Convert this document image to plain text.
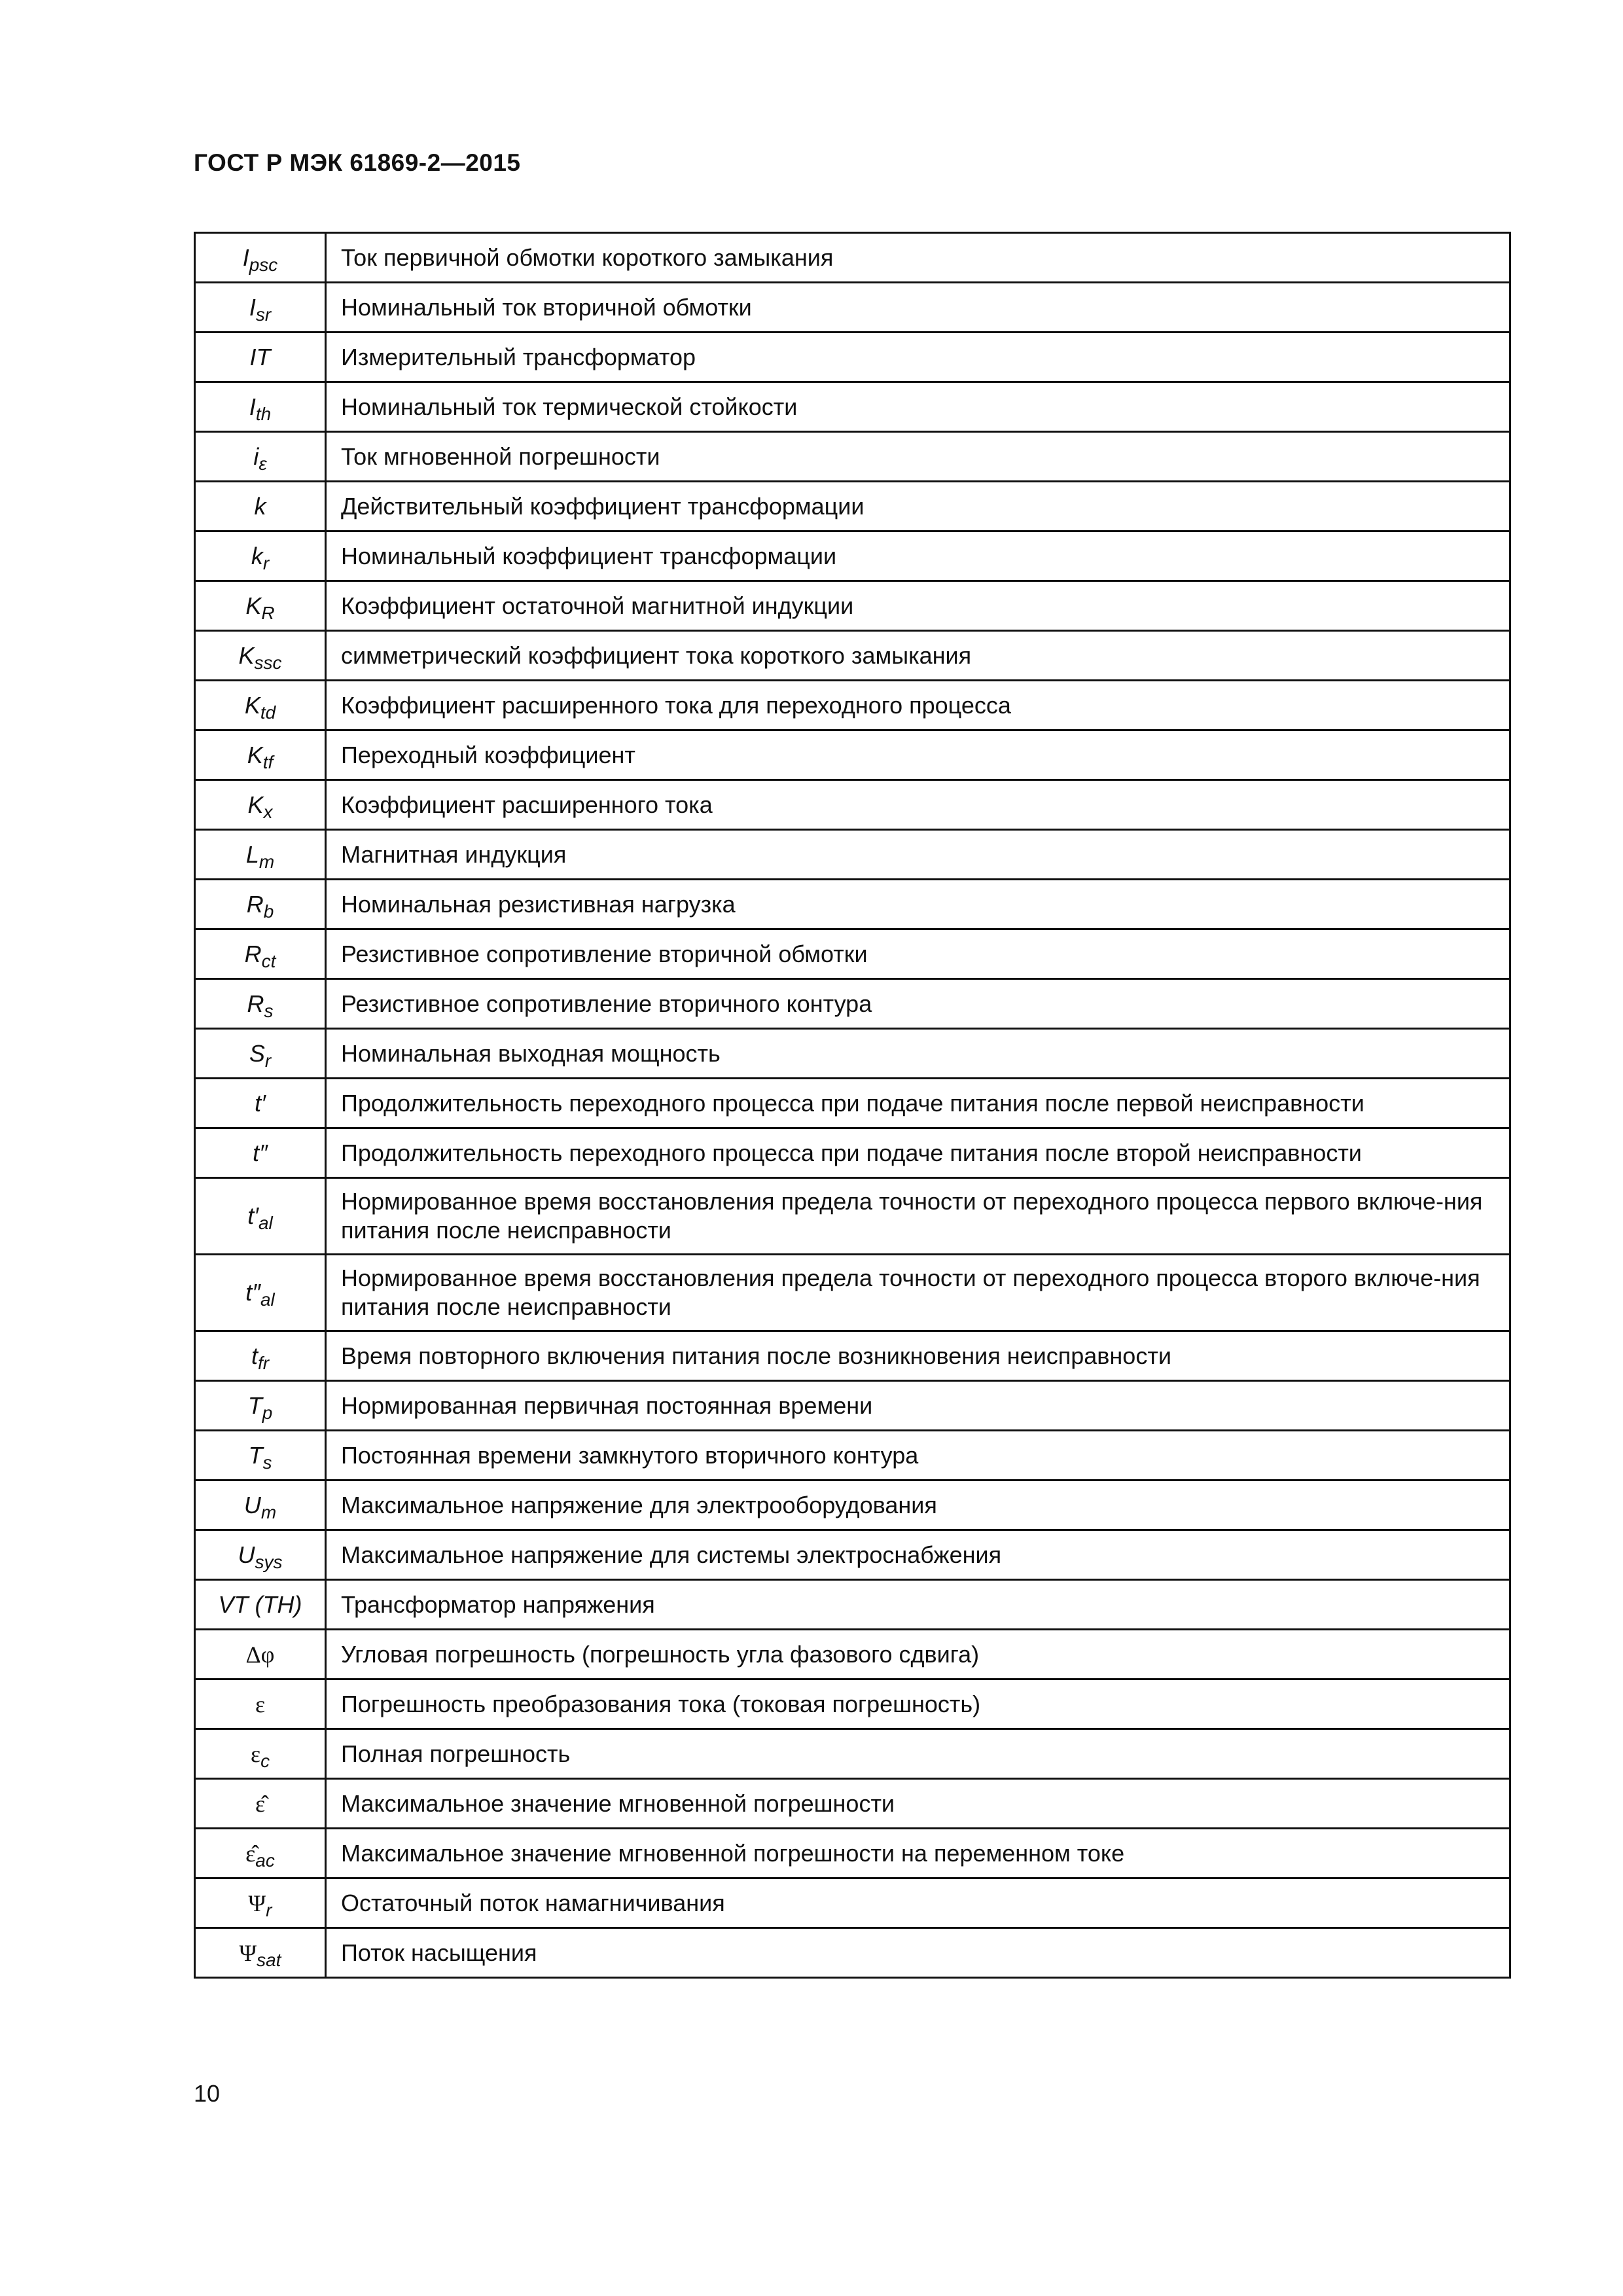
ГОСТ Р МЭК 61869-2—2015
$I_{psc}$	Ток первичной обмотки короткого замыкания
$I_{sr}$	Номинальный ток вторичной обмотки
IT	Измерительный трансформатор
$I_{th}$	Номинальный ток термической стойкости
$i_\varepsilon$	Ток мгновенной погрешности
k	Действительный коэффициент трансформации
$k_r$	Номинальный коэффициент трансформации
$K_R$	Коэффициент остаточной магнитной индукции
$K_{ssc}$	симметрический коэффициент тока короткого замыкания
$K_{td}$	Коэффициент расширенного тока для переходного процесса
$K_{tf}$	Переходный коэффициент
$K_x$	Коэффициент расширенного тока
$L_m$	Магнитная индукция
$R_b$	Номинальная резистивная нагрузка
$R_{ct}$	Резистивное сопротивление вторичной обмотки
$R_s$	Резистивное сопротивление вторичного контура
$S_r$	Номинальная выходная мощность
t′	Продолжительность переходного процесса при подаче питания после первой неисправности
t″	Продолжительность переходного процесса при подаче питания после второй неисправности
$t'_{al}$	Нормированное время восстановления предела точности от переходного процесса первого включе-ния питания после неисправности
$t''_{al}$	Нормированное время восстановления предела точности от переходного процесса второго включе-ния питания после неисправности
$t_{fr}$	Время повторного включения питания после возникновения неисправности
$T_p$	Нормированная первичная постоянная времени
$T_s$	Постоянная времени замкнутого вторичного контура
$U_m$	Максимальное напряжение для электрооборудования
$U_{sys}$	Максимальное напряжение для системы электроснабжения
VT (TH)	Трансформатор напряжения
Δφ	Угловая погрешность (погрешность угла фазового сдвига)
ε	Погрешность преобразования тока (токовая погрешность)
$\varepsilon_c$	Полная погрешность
ε̂	Максимальное значение мгновенной погрешности
$\varepsilon̂_{ac}$	Максимальное значение мгновенной погрешности на переменном токе
$\Psi_r$	Остаточный поток намагничивания
$\Psi_{sat}$	Поток насыщения
10
